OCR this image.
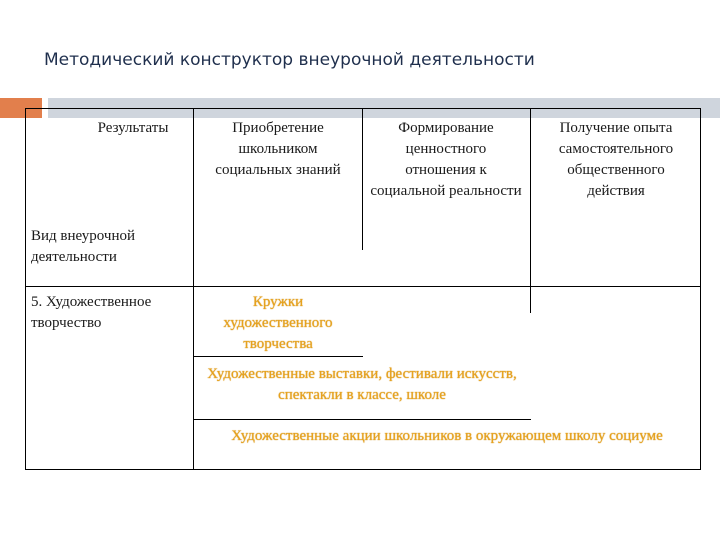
Методический конструктор внеурочной деятельности
Результаты
Вид внеурочной деятельности
Приобретение школьником социальных знаний
Формирование ценностного отношения к социальной реальности
Получение опыта самостоятельного общественного действия
5. Художественное творчество
Кружки художественного творчества
Художественные выставки, фестивали искусств, спектакли в классе, школе
Художественные акции школьников в окружающем школу социуме
